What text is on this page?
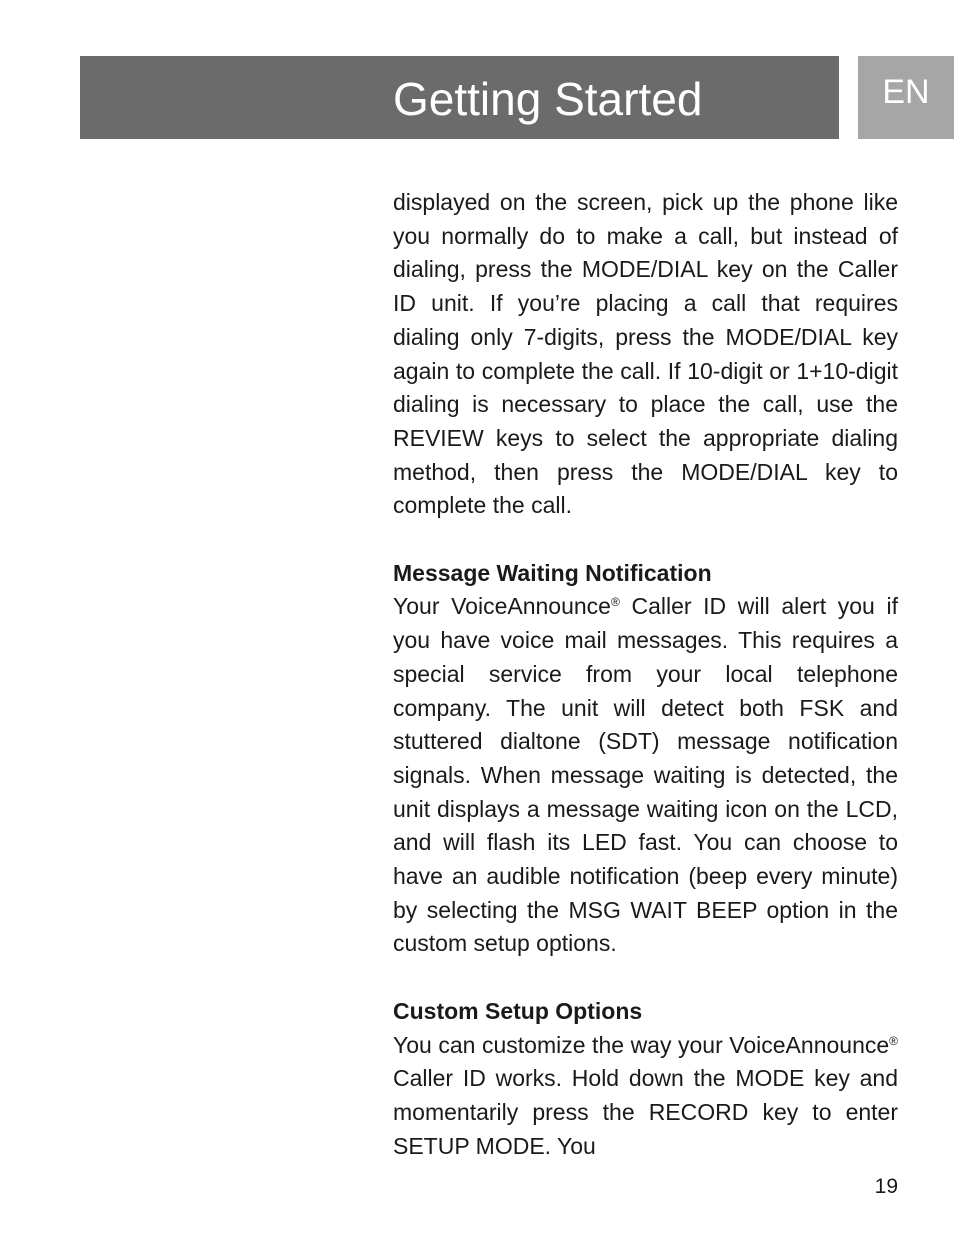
Getting Started	EN

displayed on the screen, pick up the phone like you normally do to make a call, but instead of dialing, press the MODE/DIAL key on the Caller ID unit. If you’re placing a call that requires dialing only 7-digits, press the MODE/DIAL key again to complete the call. If 10-digit or 1+10-digit dialing is necessary to place the call, use the REVIEW keys to select the appropriate dialing method, then press the MODE/DIAL key to complete the call.

Message Waiting Notification

Your VoiceAnnounce® Caller ID will alert you if you have voice mail messages. This requires a special service from your local telephone company. The unit will detect both FSK and stuttered dialtone (SDT) message notification signals. When message waiting is detected, the unit displays a message waiting icon on the LCD, and will flash its LED fast. You can choose to have an audible notification (beep every minute) by selecting the MSG WAIT BEEP option in the custom setup options.

Custom Setup Options

You can customize the way your VoiceAnnounce® Caller ID works. Hold down the MODE key and momentarily press the RECORD key to enter SETUP MODE. You

19
